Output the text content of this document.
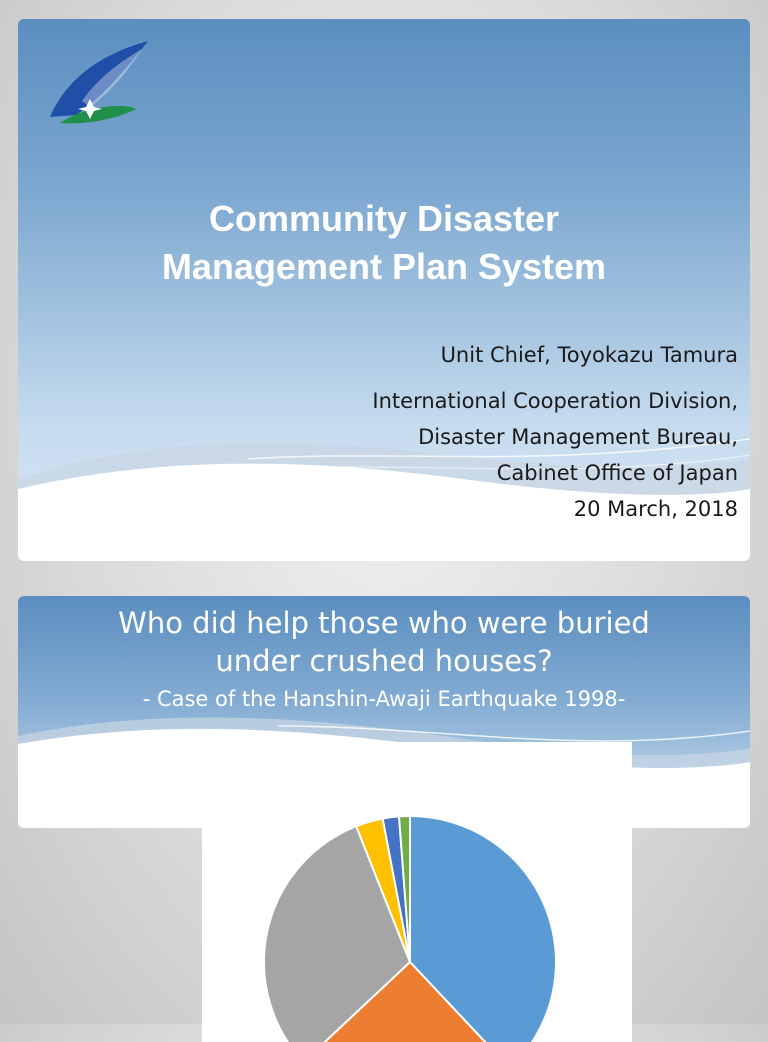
Community Disaster
Management Plan System
Unit Chief, Toyokazu Tamura
International Cooperation Division,
Disaster Management Bureau,
Cabinet Office of Japan
20 March, 2018
Who did help those who were buried
under crushed houses?
- Case of the Hanshin-Awaji Earthquake 1998-
